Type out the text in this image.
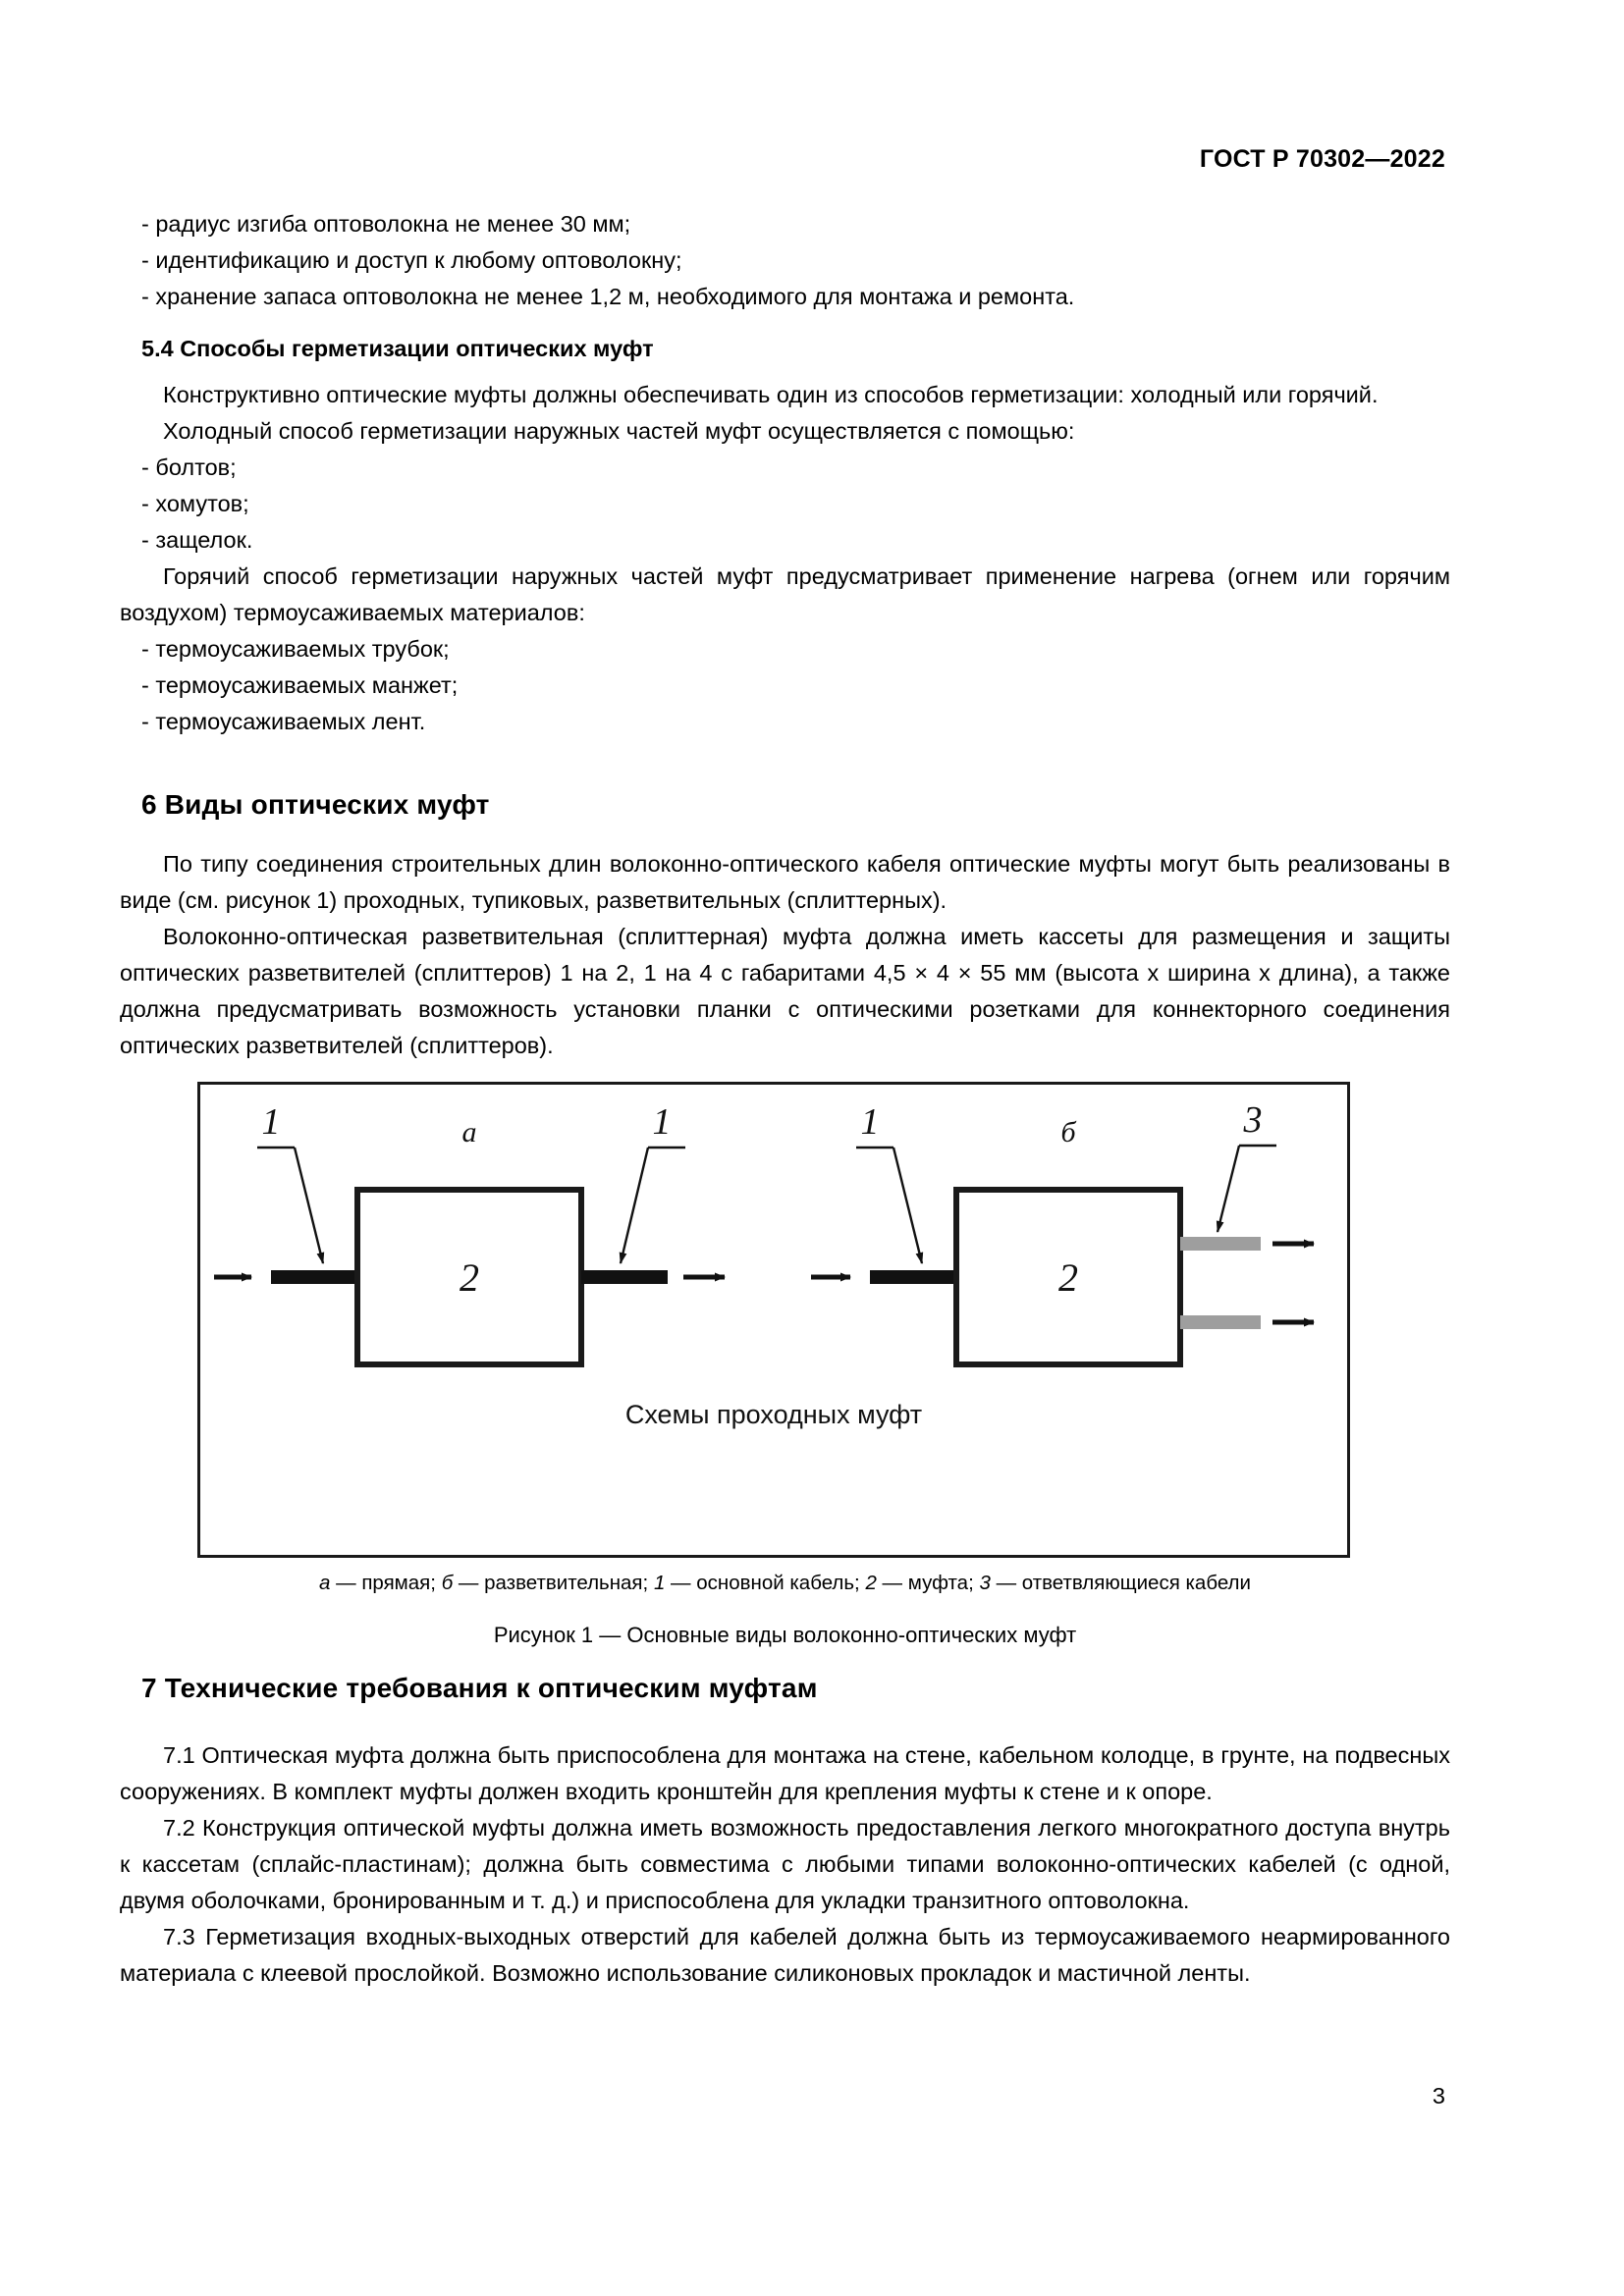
ГОСТ Р 70302—2022

- радиус изгиба оптоволокна не менее 30 мм;

- идентификацию и доступ к любому оптоволокну;

- хранение запаса оптоволокна не менее 1,2 м, необходимого для монтажа и ремонта.

5.4 Способы герметизации оптических муфт

Конструктивно оптические муфты должны обеспечивать один из способов герметизации: холодный или горячий.

Холодный способ герметизации наружных частей муфт осуществляется с помощью:

- болтов;

- хомутов;

- защелок.

Горячий способ герметизации наружных частей муфт предусматривает применение нагрева (огнем или горячим воздухом) термоусаживаемых материалов:

- термоусаживаемых трубок;

- термоусаживаемых манжет;

- термоусаживаемых лент.

6 Виды оптических муфт

По типу соединения строительных длин волоконно-оптического кабеля оптические муфты могут быть реализованы в виде (см. рисунок 1) проходных, тупиковых, разветвительных (сплиттерных).

Волоконно-оптическая разветвительная (сплиттерная) муфта должна иметь кассеты для размещения и защиты оптических разветвителей (сплиттеров) 1 на 2, 1 на 4 с габаритами 4,5 × 4 × 55 мм (высота x ширина x длина), а также должна предусматривать возможность установки планки с оптическими розетками для коннекторного соединения оптических разветвителей (сплиттеров).

2
а
1	1
2
б
1	3
Схемы проходных муфт
а — прямая; б — разветвительная; 1 — основной кабель; 2 — муфта; 3 — ответвляющиеся кабели
Рисунок 1 — Основные виды волоконно-оптических муфт
7 Технические требования к оптическим муфтам

7.1 Оптическая муфта должна быть приспособлена для монтажа на стене, кабельном колодце, в грунте, на подвесных сооружениях. В комплект муфты должен входить кронштейн для крепления муфты к стене и к опоре.

7.2 Конструкция оптической муфты должна иметь возможность предоставления легкого многократного доступа внутрь к кассетам (сплайс-пластинам); должна быть совместима с любыми типами волоконно-оптических кабелей (с одной, двумя оболочками, бронированным и т. д.) и приспособлена для укладки транзитного оптоволокна.

7.3 Герметизация входных-выходных отверстий для кабелей должна быть из термоусаживаемого неармированного материала с клеевой прослойкой. Возможно использование силиконовых прокладок и мастичной ленты.

3
